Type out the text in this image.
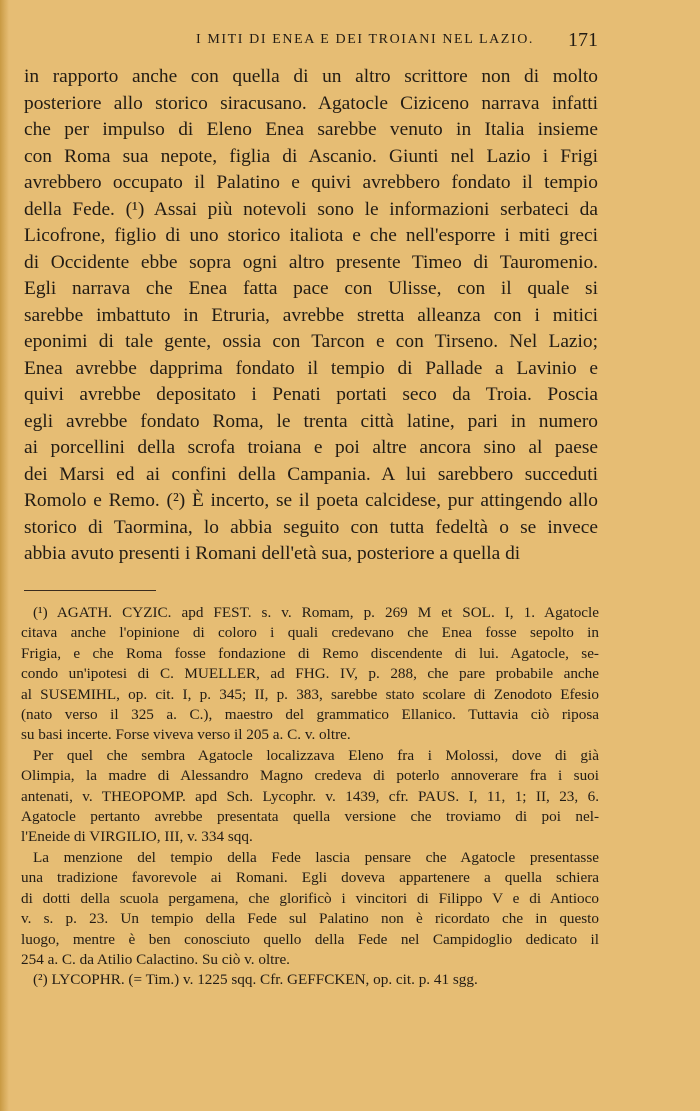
I MITI DI ENEA E DEI TROIANI NEL LAZIO.	171
in rapporto anche con quella di un altro scrittore non di molto
posteriore allo storico siracusano. Agatocle Ciziceno narrava infatti
che per impulso di Eleno Enea sarebbe venuto in Italia insieme
con Roma sua nepote, figlia di Ascanio. Giunti nel Lazio i Frigi
avrebbero occupato il Palatino e quivi avrebbero fondato il tempio
della Fede. (¹) Assai più notevoli sono le informazioni serbateci da
Licofrone, figlio di uno storico italiota e che nell'esporre i miti greci
di Occidente ebbe sopra ogni altro presente Timeo di Tauromenio.
Egli narrava che Enea fatta pace con Ulisse, con il quale si
sarebbe imbattuto in Etruria, avrebbe stretta alleanza con i mitici
eponimi di tale gente, ossia con Tarcon e con Tirseno. Nel Lazio;
Enea avrebbe dapprima fondato il tempio di Pallade a Lavinio e
quivi avrebbe depositato i Penati portati seco da Troia. Poscia
egli avrebbe fondato Roma, le trenta città latine, pari in numero
ai porcellini della scrofa troiana e poi altre ancora sino al paese
dei Marsi ed ai confini della Campania. A lui sarebbero succeduti
Romolo e Remo. (²) È incerto, se il poeta calcidese, pur attingendo allo
storico di Taormina, lo abbia seguito con tutta fedeltà o se invece
abbia avuto presenti i Romani dell'età sua, posteriore a quella di
(¹) AGATH. CYZIC. apd FEST. s. v. Romam, p. 269 M et SOL. I, 1. Agatocle
citava anche l'opinione di coloro i quali credevano che Enea fosse sepolto in
Frigia, e che Roma fosse fondazione di Remo discendente di lui. Agatocle, se-
condo un'ipotesi di C. MUELLER, ad FHG. IV, p. 288, che pare probabile anche
al SUSEMIHL, op. cit. I, p. 345; II, p. 383, sarebbe stato scolare di Zenodoto Efesio
(nato verso il 325 a. C.), maestro del grammatico Ellanico. Tuttavia ciò riposa
su basi incerte. Forse viveva verso il 205 a. C. v. oltre.
Per quel che sembra Agatocle localizzava Eleno fra i Molossi, dove di già
Olimpia, la madre di Alessandro Magno credeva di poterlo annoverare fra i suoi
antenati, v. THEOPOMP. apd Sch. Lycophr. v. 1439, cfr. PAUS. I, 11, 1; II, 23, 6.
Agatocle pertanto avrebbe presentata quella versione che troviamo di poi nel-
l'Eneide di VIRGILIO, III, v. 334 sqq.
La menzione del tempio della Fede lascia pensare che Agatocle presentasse
una tradizione favorevole ai Romani. Egli doveva appartenere a quella schiera
di dotti della scuola pergamena, che glorificò i vincitori di Filippo V e di Antioco
v. s. p. 23. Un tempio della Fede sul Palatino non è ricordato che in questo
luogo, mentre è ben conosciuto quello della Fede nel Campidoglio dedicato il
254 a. C. da Atilio Calactino. Su ciò v. oltre.
(²) LYCOPHR. (= Tim.) v. 1225 sqq. Cfr. GEFFCKEN, op. cit. p. 41 sgg.
